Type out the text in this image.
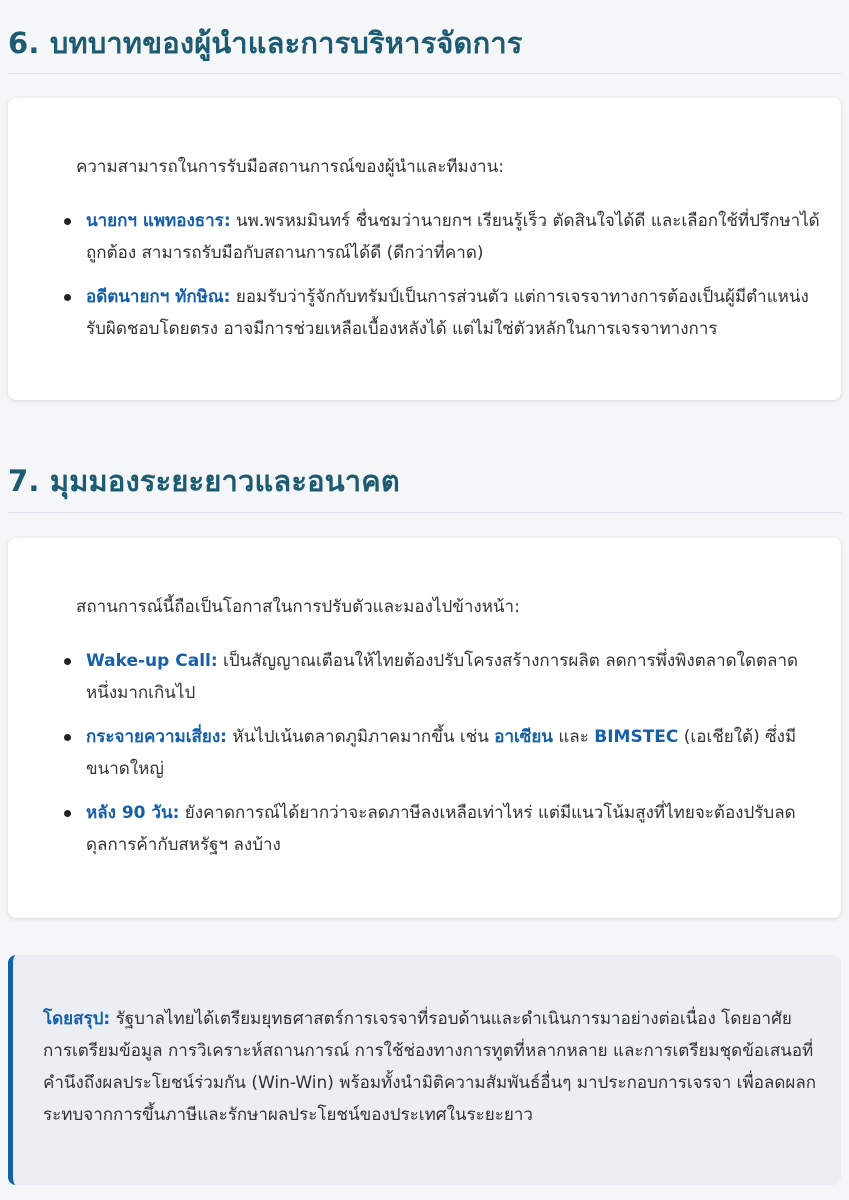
6. บทบาทของผู้นำและการบริหารจัดการ
ความสามารถในการรับมือสถานการณ์ของผู้นำและทีมงาน:
นายกฯ แพทองธาร: นพ.พรหมมินทร์ ชื่นชมว่านายกฯ เรียนรู้เร็ว ตัดสินใจได้ดี และเลือกใช้ที่ปรึกษาได้ถูกต้อง สามารถรับมือกับสถานการณ์ได้ดี (ดีกว่าที่คาด)
อดีตนายกฯ ทักษิณ: ยอมรับว่ารู้จักกับทรัมป์เป็นการส่วนตัว แต่การเจรจาทางการต้องเป็นผู้มีตำแหน่งรับผิดชอบโดยตรง อาจมีการช่วยเหลือเบื้องหลังได้ แต่ไม่ใช่ตัวหลักในการเจรจาทางการ
7. มุมมองระยะยาวและอนาคต
สถานการณ์นี้ถือเป็นโอกาสในการปรับตัวและมองไปข้างหน้า:
Wake-up Call: เป็นสัญญาณเตือนให้ไทยต้องปรับโครงสร้างการผลิต ลดการพึ่งพิงตลาดใดตลาดหนึ่งมากเกินไป
กระจายความเสี่ยง: หันไปเน้นตลาดภูมิภาคมากขึ้น เช่น อาเซียน และ BIMSTEC (เอเชียใต้) ซึ่งมีขนาดใหญ่
หลัง 90 วัน: ยังคาดการณ์ได้ยากว่าจะลดภาษีลงเหลือเท่าไหร่ แต่มีแนวโน้มสูงที่ไทยจะต้องปรับลดดุลการค้ากับสหรัฐฯ ลงบ้าง

โดยสรุป: รัฐบาลไทยได้เตรียมยุทธศาสตร์การเจรจาที่รอบด้านและดำเนินการมาอย่างต่อเนื่อง โดยอาศัยการเตรียมข้อมูล การวิเคราะห์สถานการณ์ การใช้ช่องทางการทูตที่หลากหลาย และการเตรียมชุดข้อเสนอที่คำนึงถึงผลประโยชน์ร่วมกัน (Win-Win) พร้อมทั้งนำมิติความสัมพันธ์อื่นๆ มาประกอบการเจรจา เพื่อลดผลกระทบจากการขึ้นภาษีและรักษาผลประโยชน์ของประเทศในระยะยาว
